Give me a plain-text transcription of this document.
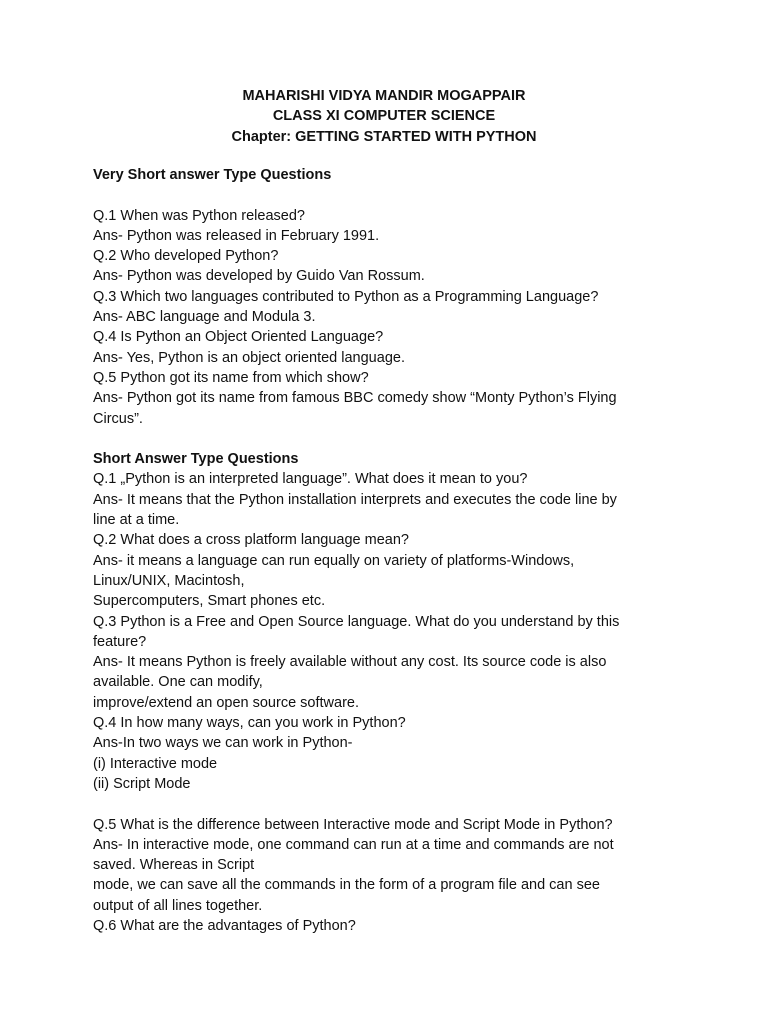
MAHARISHI VIDYA MANDIR MOGAPPAIR
CLASS XI COMPUTER SCIENCE
Chapter: GETTING STARTED WITH PYTHON
Very Short answer Type Questions
Q.1 When was Python released?
Ans- Python was released in February 1991.
Q.2 Who developed Python?
Ans- Python was developed by Guido Van Rossum.
Q.3 Which two languages contributed to Python as a Programming Language?
Ans- ABC language and Modula 3.
Q.4 Is Python an Object Oriented Language?
Ans- Yes, Python is an object oriented language.
Q.5 Python got its name from which show?
Ans- Python got its name from famous BBC comedy show “Monty Python’s Flying
Circus”.
Short Answer Type Questions
Q.1 „Python is an interpreted language”. What does it mean to you?
Ans- It means that the Python installation interprets and executes the code line by
line at a time.
Q.2 What does a cross platform language mean?
Ans- it means a language can run equally on variety of platforms-Windows,
Linux/UNIX, Macintosh,
Supercomputers, Smart phones etc.
Q.3 Python is a Free and Open Source language. What do you understand by this
feature?
Ans- It means Python is freely available without any cost. Its source code is also
available. One can modify,
improve/extend an open source software.
Q.4 In how many ways, can you work in Python?
Ans-In two ways we can work in Python-
(i) Interactive mode
(ii) Script Mode
Q.5 What is the difference between Interactive mode and Script Mode in Python?
Ans- In interactive mode, one command can run at a time and commands are not
saved. Whereas in Script
mode, we can save all the commands in the form of a program file and can see
output of all lines together.
Q.6 What are the advantages of Python?
